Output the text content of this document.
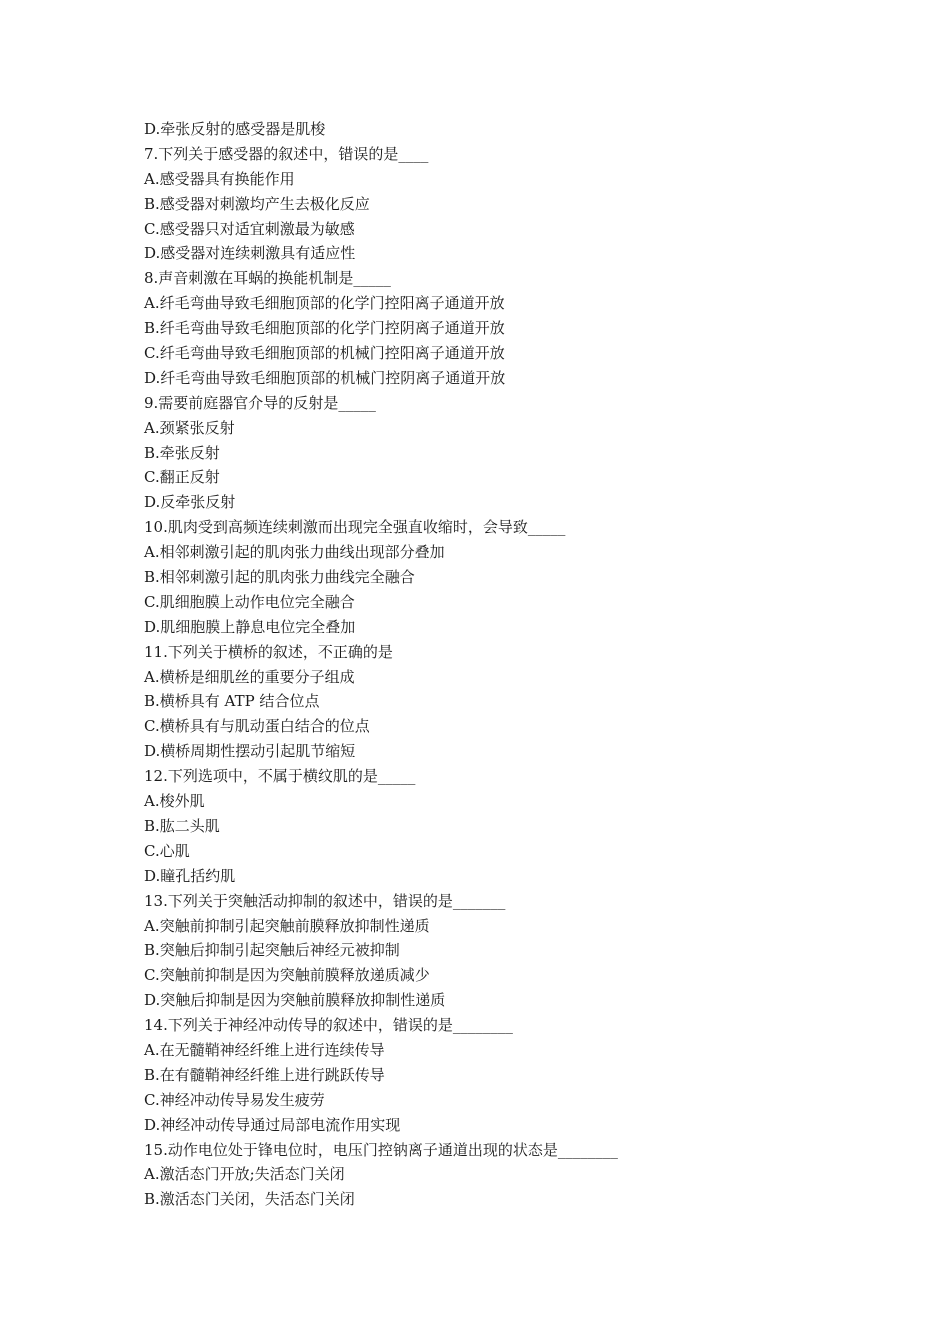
D.牵张反射的感受器是肌梭
7.下列关于感受器的叙述中，错误的是____
A.感受器具有换能作用
B.感受器对刺激均产生去极化反应
C.感受器只对适宜刺激最为敏感
D.感受器对连续刺激具有适应性
8.声音刺激在耳蜗的换能机制是_____
A.纤毛弯曲导致毛细胞顶部的化学门控阳离子通道开放
B.纤毛弯曲导致毛细胞顶部的化学门控阴离子通道开放
C.纤毛弯曲导致毛细胞顶部的机械门控阳离子通道开放
D.纤毛弯曲导致毛细胞顶部的机械门控阴离子通道开放
9.需要前庭器官介导的反射是_____
A.颈紧张反射
B.牵张反射
C.翻正反射
D.反牵张反射
10.肌肉受到高频连续刺激而出现完全强直收缩时，会导致_____
A.相邻刺激引起的肌肉张力曲线出现部分叠加
B.相邻刺激引起的肌肉张力曲线完全融合
C.肌细胞膜上动作电位完全融合
D.肌细胞膜上静息电位完全叠加
11.下列关于横桥的叙述，不正确的是
A.横桥是细肌丝的重要分子组成
B.横桥具有 ATP 结合位点
C.横桥具有与肌动蛋白结合的位点
D.横桥周期性摆动引起肌节缩短
12.下列选项中，不属于横纹肌的是_____
A.梭外肌
B.肱二头肌
C.心肌
D.瞳孔括约肌
13.下列关于突触活动抑制的叙述中，错误的是_______
A.突触前抑制引起突触前膜释放抑制性递质
B.突触后抑制引起突触后神经元被抑制
C.突触前抑制是因为突触前膜释放递质减少
D.突触后抑制是因为突触前膜释放抑制性递质
14.下列关于神经冲动传导的叙述中，错误的是________
A.在无髓鞘神经纤维上进行连续传导
B.在有髓鞘神经纤维上进行跳跃传导
C.神经冲动传导易发生疲劳
D.神经冲动传导通过局部电流作用实现
15.动作电位处于锋电位时，电压门控钠离子通道出现的状态是________
A.激活态门开放;失活态门关闭
B.激活态门关闭，失活态门关闭
